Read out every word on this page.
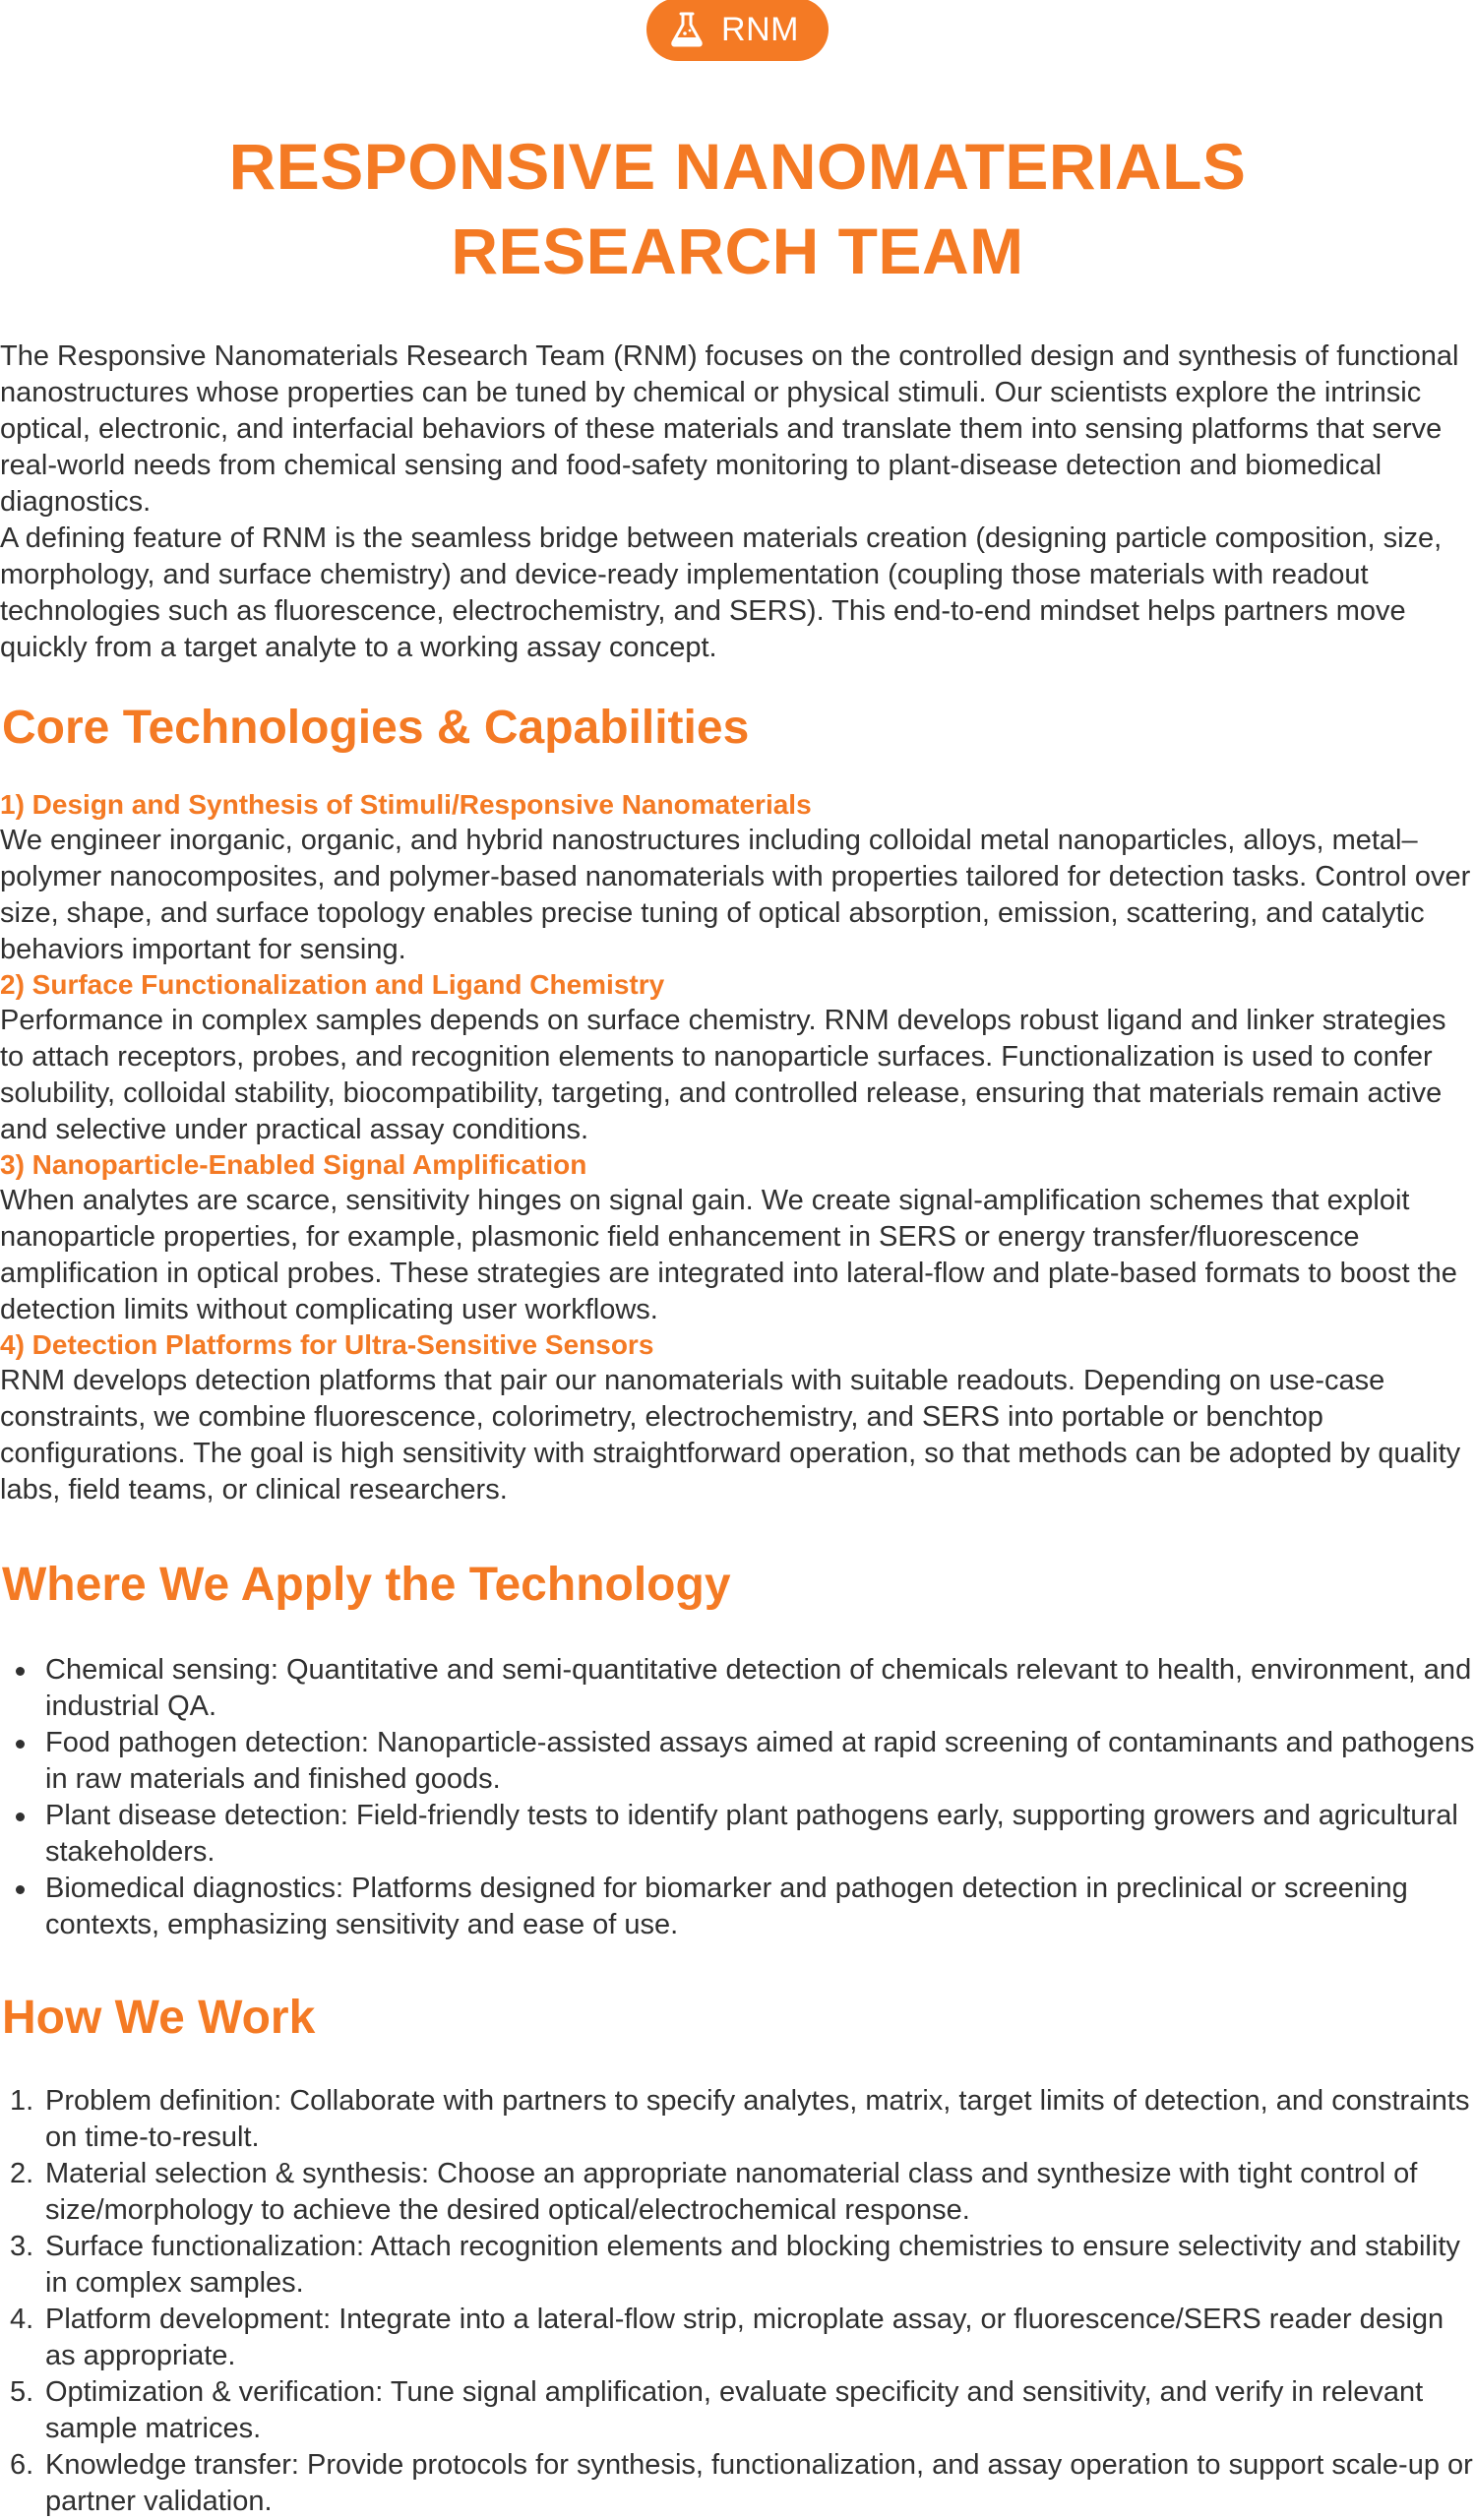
RNM
RESPONSIVE NANOMATERIALS
RESEARCH TEAM

The Responsive Nanomaterials Research Team (RNM) focuses on the controlled design and synthesis of functional nanostructures whose properties can be tuned by chemical or physical stimuli. Our scientists explore the intrinsic optical, electronic, and interfacial behaviors of these materials and translate them into sensing platforms that serve real-world needs from chemical sensing and food-safety monitoring to plant-disease detection and biomedical diagnostics.

A defining feature of RNM is the seamless bridge between materials creation (designing particle composition, size, morphology, and surface chemistry) and device-ready implementation (coupling those materials with readout technologies such as fluorescence, electrochemistry, and SERS). This end-to-end mindset helps partners move quickly from a target analyte to a working assay concept.

Core Technologies & Capabilities
1) Design and Synthesis of Stimuli/Responsive Nanomaterials

We engineer inorganic, organic, and hybrid nanostructures including colloidal metal nanoparticles, alloys, metal–polymer nanocomposites, and polymer-based nanomaterials with properties tailored for detection tasks. Control over size, shape, and surface topology enables precise tuning of optical absorption, emission, scattering, and catalytic behaviors important for sensing.

2) Surface Functionalization and Ligand Chemistry

Performance in complex samples depends on surface chemistry. RNM develops robust ligand and linker strategies to attach receptors, probes, and recognition elements to nanoparticle surfaces. Functionalization is used to confer solubility, colloidal stability, biocompatibility, targeting, and controlled release, ensuring that materials remain active and selective under practical assay conditions.

3) Nanoparticle-Enabled Signal Amplification

When analytes are scarce, sensitivity hinges on signal gain. We create signal-amplification schemes that exploit nanoparticle properties, for example, plasmonic field enhancement in SERS or energy transfer/fluorescence amplification in optical probes. These strategies are integrated into lateral-flow and plate-based formats to boost the detection limits without complicating user workflows.

4) Detection Platforms for Ultra-Sensitive Sensors

RNM develops detection platforms that pair our nanomaterials with suitable readouts. Depending on use-case constraints, we combine fluorescence, colorimetry, electrochemistry, and SERS into portable or benchtop configurations. The goal is high sensitivity with straightforward operation, so that methods can be adopted by quality labs, field teams, or clinical researchers.

Where We Apply the Technology
Chemical sensing: Quantitative and semi-quantitative detection of chemicals relevant to health, environment, and industrial QA.
Food pathogen detection: Nanoparticle-assisted assays aimed at rapid screening of contaminants and pathogens in raw materials and finished goods.
Plant disease detection: Field-friendly tests to identify plant pathogens early, supporting growers and agricultural stakeholders.
Biomedical diagnostics: Platforms designed for biomarker and pathogen detection in preclinical or screening contexts, emphasizing sensitivity and ease of use.
How We Work
1. Problem definition: Collaborate with partners to specify analytes, matrix, target limits of detection, and constraints on time-to-result.
2. Material selection & synthesis: Choose an appropriate nanomaterial class and synthesize with tight control of size/morphology to achieve the desired optical/electrochemical response.
3. Surface functionalization: Attach recognition elements and blocking chemistries to ensure selectivity and stability in complex samples.
4. Platform development: Integrate into a lateral-flow strip, microplate assay, or fluorescence/SERS reader design as appropriate.
5. Optimization & verification: Tune signal amplification, evaluate specificity and sensitivity, and verify in relevant sample matrices.
6. Knowledge transfer: Provide protocols for synthesis, functionalization, and assay operation to support scale-up or partner validation.
